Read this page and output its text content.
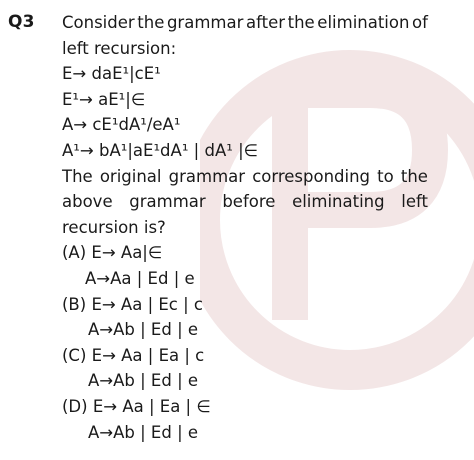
Q3 Consider the grammar after the elimination of
left recursion:
E→ daE¹|cE¹
E¹→ aE¹|∈
A→ cE¹dA¹/eA¹
A¹→ bA¹|aE¹dA¹ | dA¹ |∈
The original grammar corresponding to the
above grammar before eliminating left
recursion is?
(A) E→ Aa|∈
A→Aa | Ed | e
(B) E→ Aa | Ec | c
A→Ab | Ed | e
(C) E→ Aa | Ea | c
A→Ab | Ed | e
(D) E→ Aa | Ea | ∈
A→Ab | Ed | e
